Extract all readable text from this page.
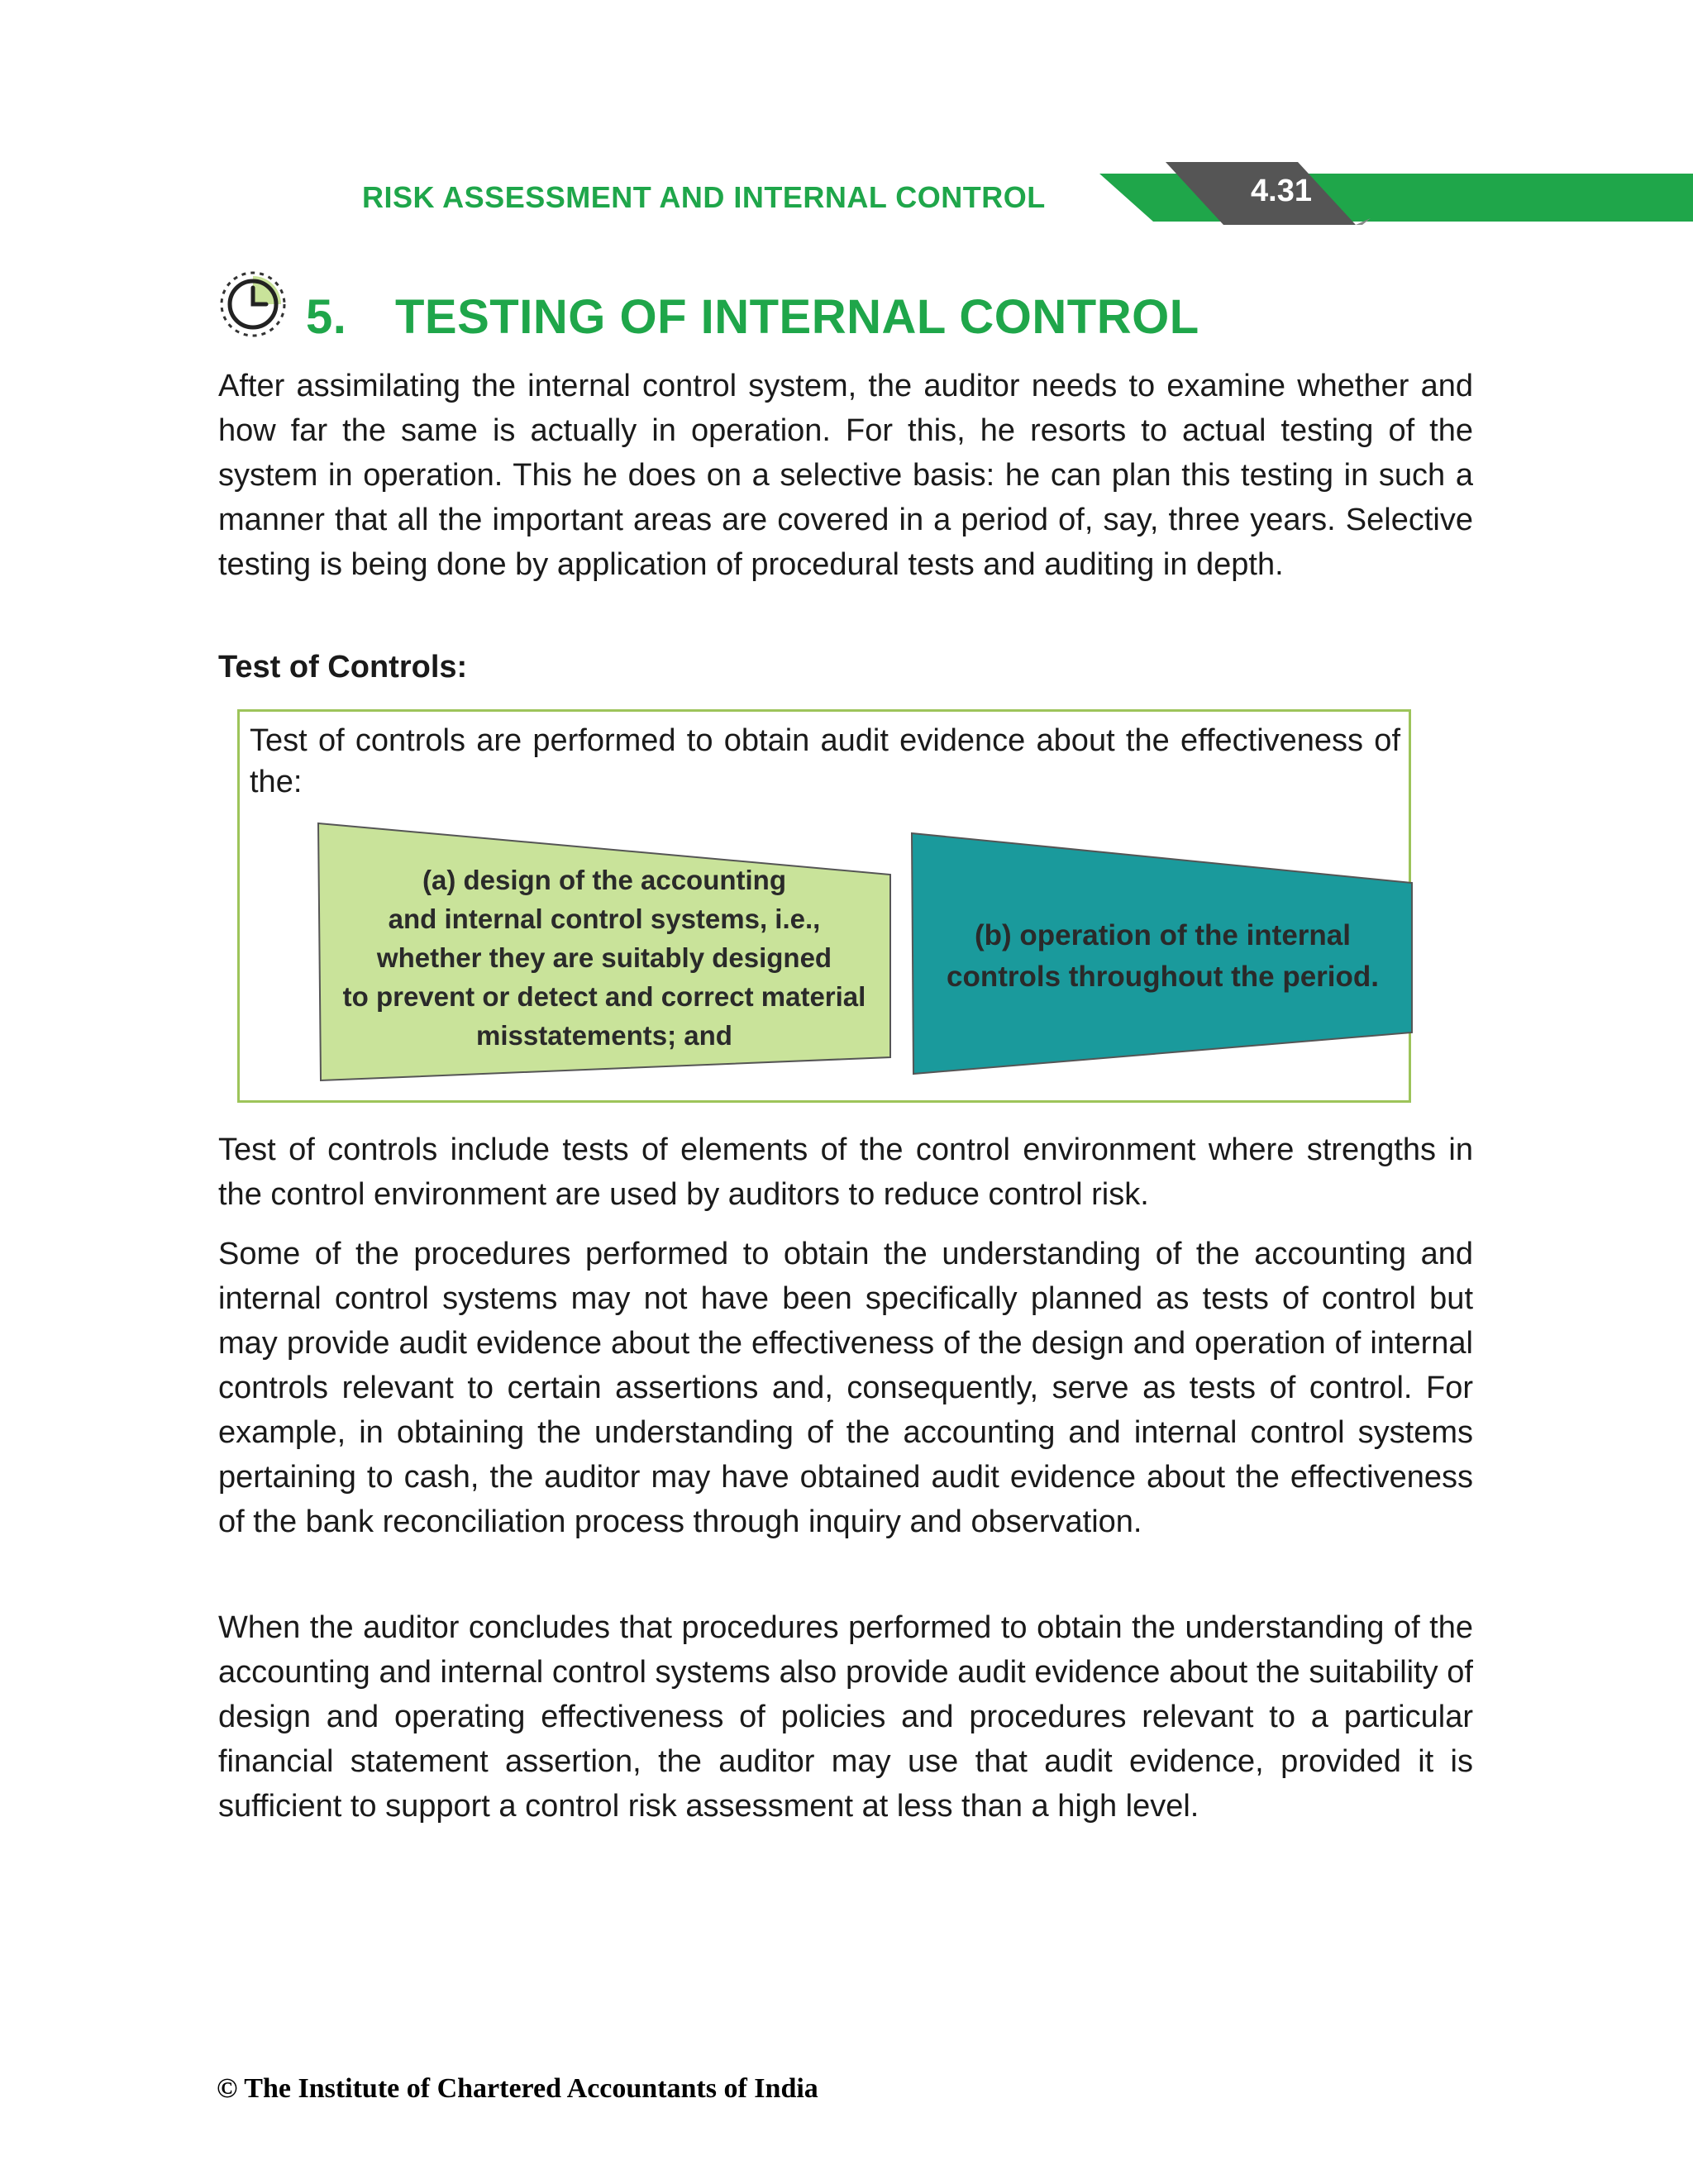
RISK ASSESSMENT AND INTERNAL CONTROL	4.31
5. TESTING OF INTERNAL CONTROL

After assimilating the internal control system, the auditor needs to examine whether and how far the same is actually in operation. For this, he resorts to actual testing of the system in operation. This he does on a selective basis: he can plan this testing in such a manner that all the important areas are covered in a period of, say, three years. Selective testing is being done by application of procedural tests and auditing in depth.

Test of Controls:

Test of controls are performed to obtain audit evidence about the effectiveness of the:

(a) design of the accounting
and internal control systems, i.e.,
whether they are suitably designed
to prevent or detect and correct material
misstatements; and
(b) operation of the internal
controls throughout the period.

Test of controls include tests of elements of the control environment where strengths in the control environment are used by auditors to reduce control risk.

Some of the procedures performed to obtain the understanding of the accounting and internal control systems may not have been specifically planned as tests of control but may provide audit evidence about the effectiveness of the design and operation of internal controls relevant to certain assertions and, consequently, serve as tests of control. For example, in obtaining the understanding of the accounting and internal control systems pertaining to cash, the auditor may have obtained audit evidence about the effectiveness of the bank reconciliation process through inquiry and observation.

When the auditor concludes that procedures performed to obtain the understanding of the accounting and internal control systems also provide audit evidence about the suitability of design and operating effectiveness of policies and procedures relevant to a particular financial statement assertion, the auditor may use that audit evidence, provided it is sufficient to support a control risk assessment at less than a high level.

© The Institute of Chartered Accountants of India
